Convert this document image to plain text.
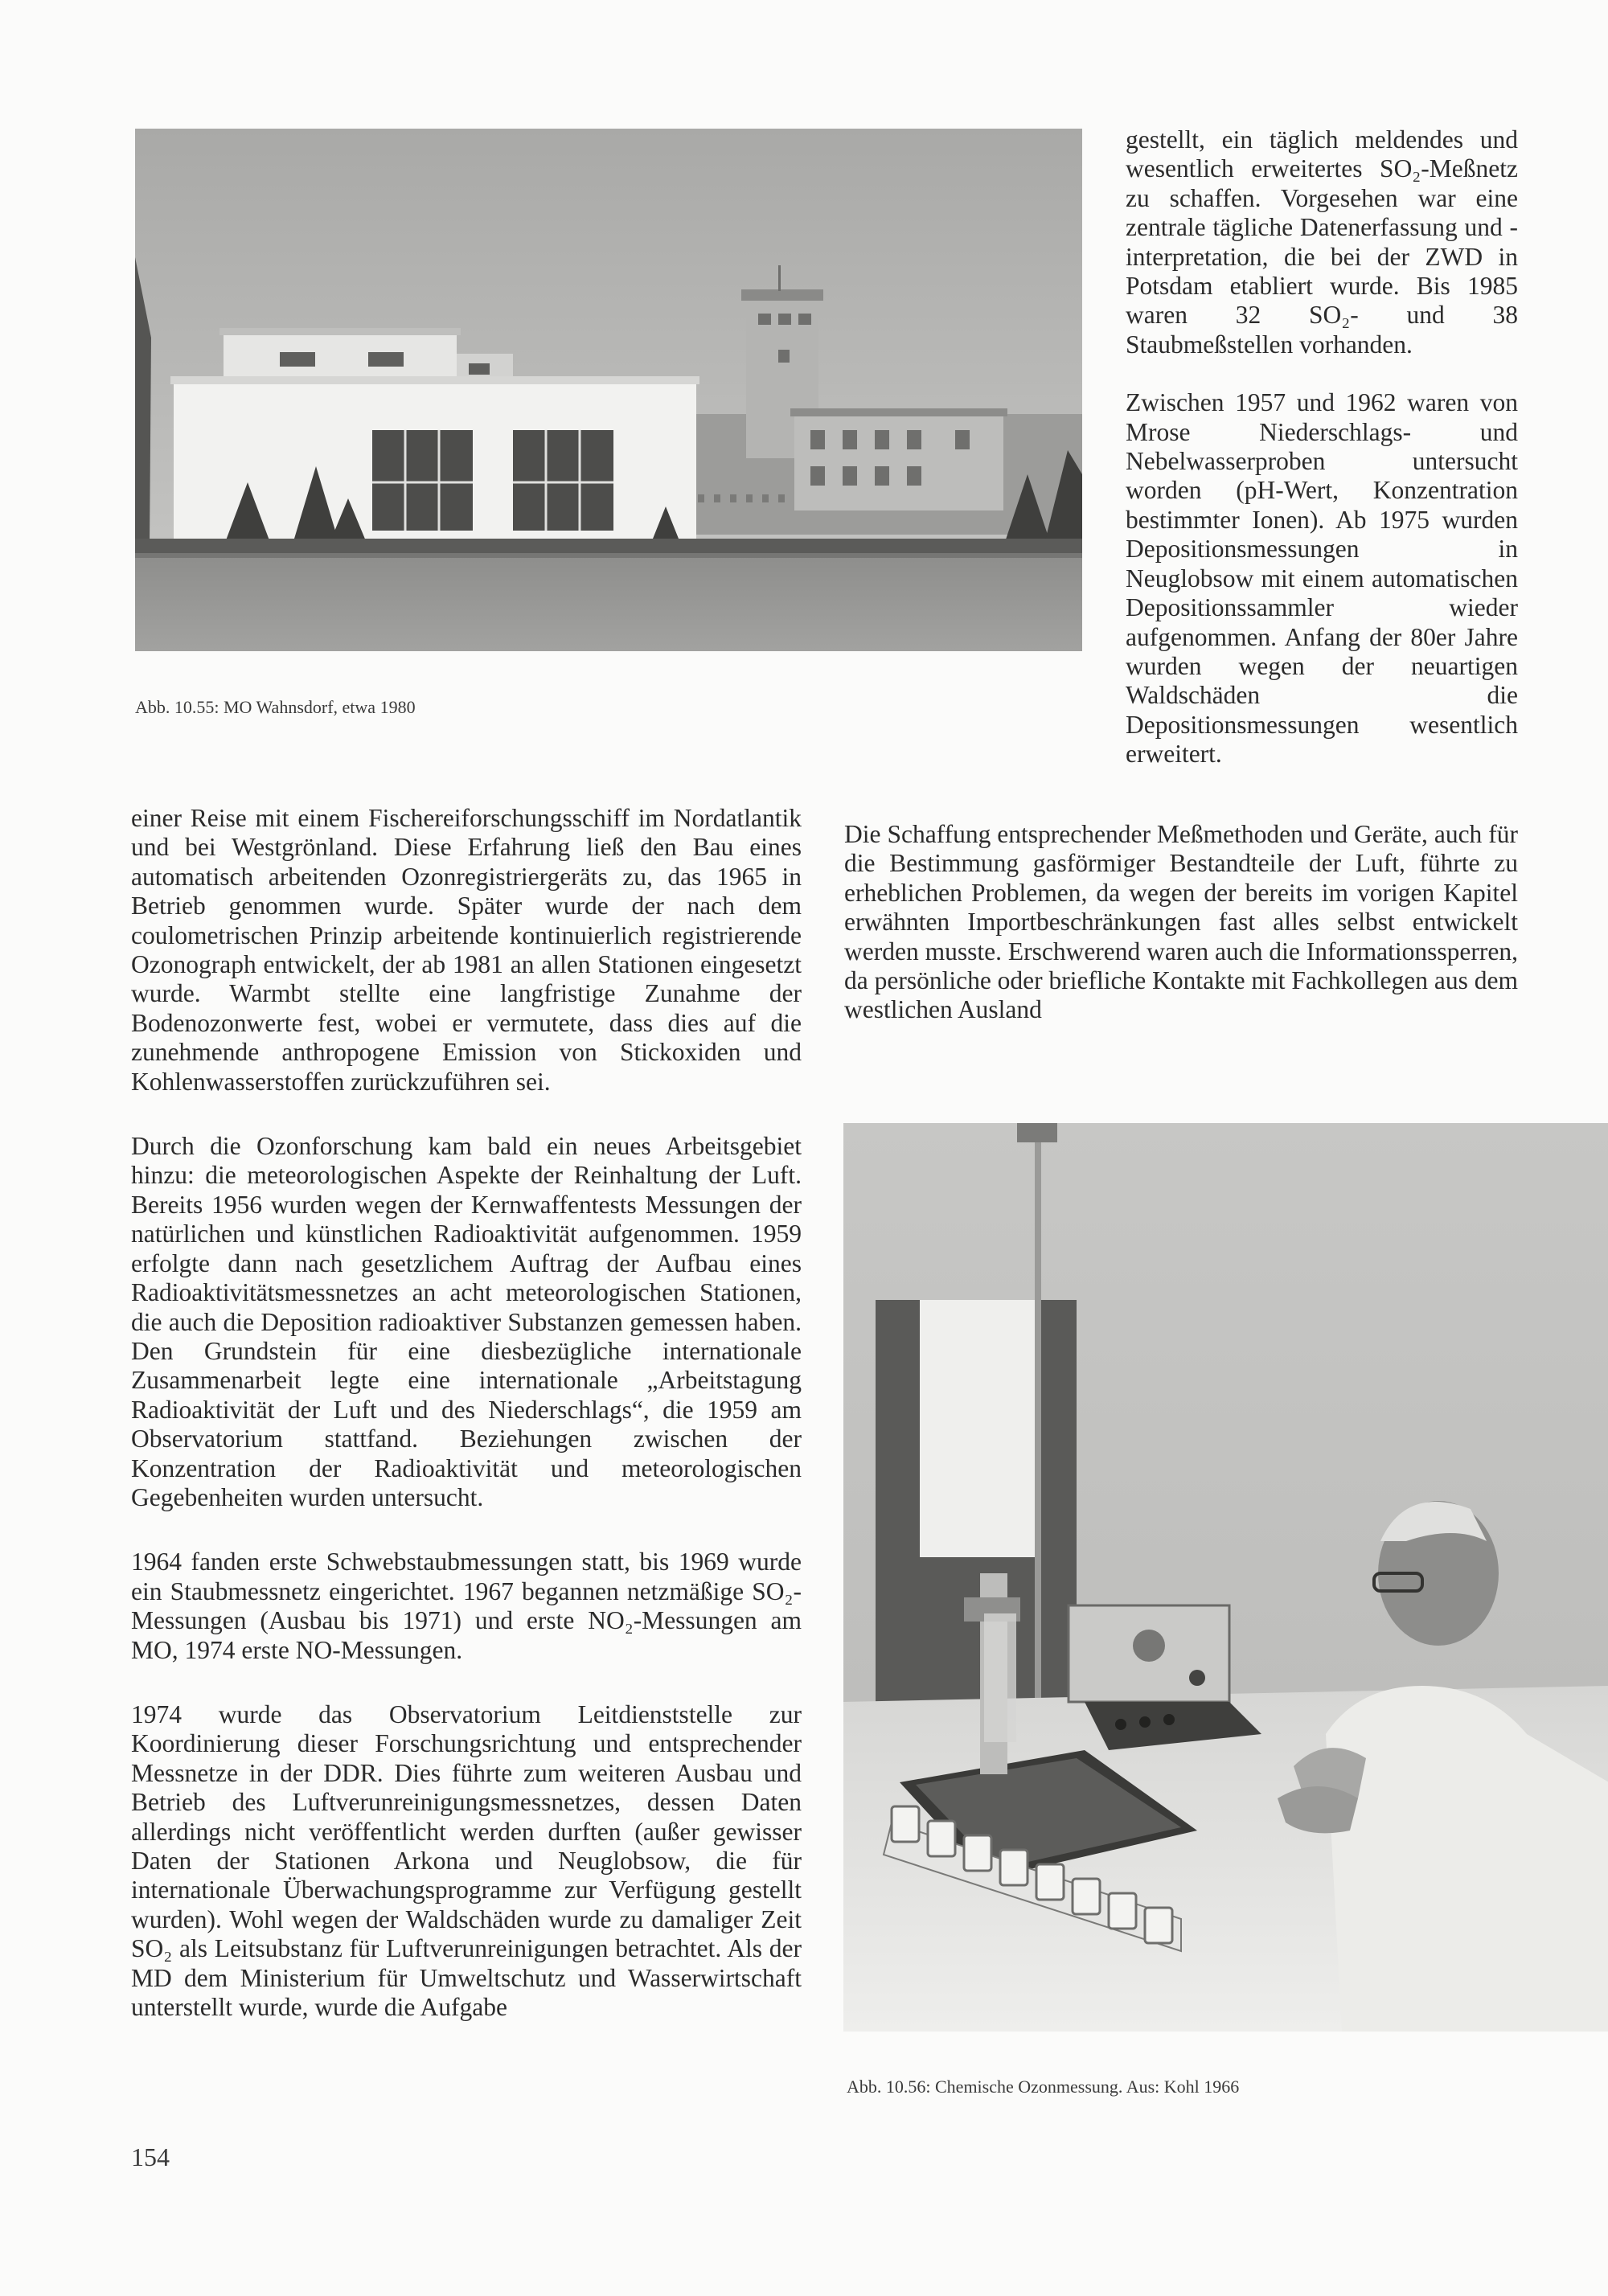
Abb. 10.55: MO Wahnsdorf, etwa 1980

gestellt, ein täglich meldendes und wesentlich erweitertes SO₂-Meßnetz zu schaffen. Vorgesehen war eine zentrale tägliche Datenerfassung und -interpretation, die bei der ZWD in Potsdam etabliert wurde. Bis 1985 waren 32 SO₂- und 38 Staubmeßstellen vorhanden.

Zwischen 1957 und 1962 waren von Mrose Niederschlags- und Nebelwasserproben untersucht worden (pH-Wert, Konzentration bestimmter Ionen). Ab 1975 wurden Depositionsmessungen in Neuglobsow mit einem automatischen Depositionssammler wieder aufgenommen. Anfang der 80er Jahre wurden wegen der neuartigen Waldschäden die Depositionsmessungen wesentlich erweitert.

Die Schaffung entsprechender Meßmethoden und Geräte, auch für die Bestimmung gasförmiger Bestandteile der Luft, führte zu erheblichen Problemen, da wegen der bereits im vorigen Kapitel erwähnten Importbeschränkungen fast alles selbst entwickelt werden musste. Erschwerend waren auch die Informationssperren, da persönliche oder briefliche Kontakte mit Fachkollegen aus dem westlichen Ausland

einer Reise mit einem Fischereiforschungsschiff im Nordatlantik und bei Westgrönland. Diese Erfahrung ließ den Bau eines automatisch arbeitenden Ozonregistriergeräts zu, das 1965 in Betrieb genommen wurde. Später wurde der nach dem coulometrischen Prinzip arbeitende kontinuierlich registrierende Ozonograph entwickelt, der ab 1981 an allen Stationen eingesetzt wurde. Warmbt stellte eine langfristige Zunahme der Bodenozonwerte fest, wobei er vermutete, dass dies auf die zunehmende anthropogene Emission von Stickoxiden und Kohlenwasserstoffen zurückzuführen sei.

Durch die Ozonforschung kam bald ein neues Arbeitsgebiet hinzu: die meteorologischen Aspekte der Reinhaltung der Luft. Bereits 1956 wurden wegen der Kernwaffentests Messungen der natürlichen und künstlichen Radioaktivität aufgenommen. 1959 erfolgte dann nach gesetzlichem Auftrag der Aufbau eines Radioaktivitätsmessnetzes an acht meteorologischen Stationen, die auch die Deposition radioaktiver Substanzen gemessen haben. Den Grundstein für eine diesbezügliche internationale Zusammenarbeit legte eine internationale „Arbeitstagung Radioaktivität der Luft und des Niederschlags“, die 1959 am Observatorium stattfand. Beziehungen zwischen der Konzentration der Radioaktivität und meteorologischen Gegebenheiten wurden untersucht.

1964 fanden erste Schwebstaubmessungen statt, bis 1969 wurde ein Staubmessnetz eingerichtet. 1967 begannen netzmäßige SO₂-Messungen (Ausbau bis 1971) und erste NO₂-Messungen am MO, 1974 erste NO-Messungen.

1974 wurde das Observatorium Leitdienststelle zur Koordinierung dieser Forschungsrichtung und entsprechender Messnetze in der DDR. Dies führte zum weiteren Ausbau und Betrieb des Luftverunreinigungsmessnetzes, dessen Daten allerdings nicht veröffentlicht werden durften (außer gewisser Daten der Stationen Arkona und Neuglobsow, die für internationale Überwachungsprogramme zur Verfügung gestellt wurden). Wohl wegen der Waldschäden wurde zu damaliger Zeit SO₂ als Leitsubstanz für Luftverunreinigungen betrachtet. Als der MD dem Ministerium für Umweltschutz und Wasserwirtschaft unterstellt wurde, wurde die Aufgabe

Abb. 10.56: Chemische Ozonmessung. Aus: Kohl 1966
154
